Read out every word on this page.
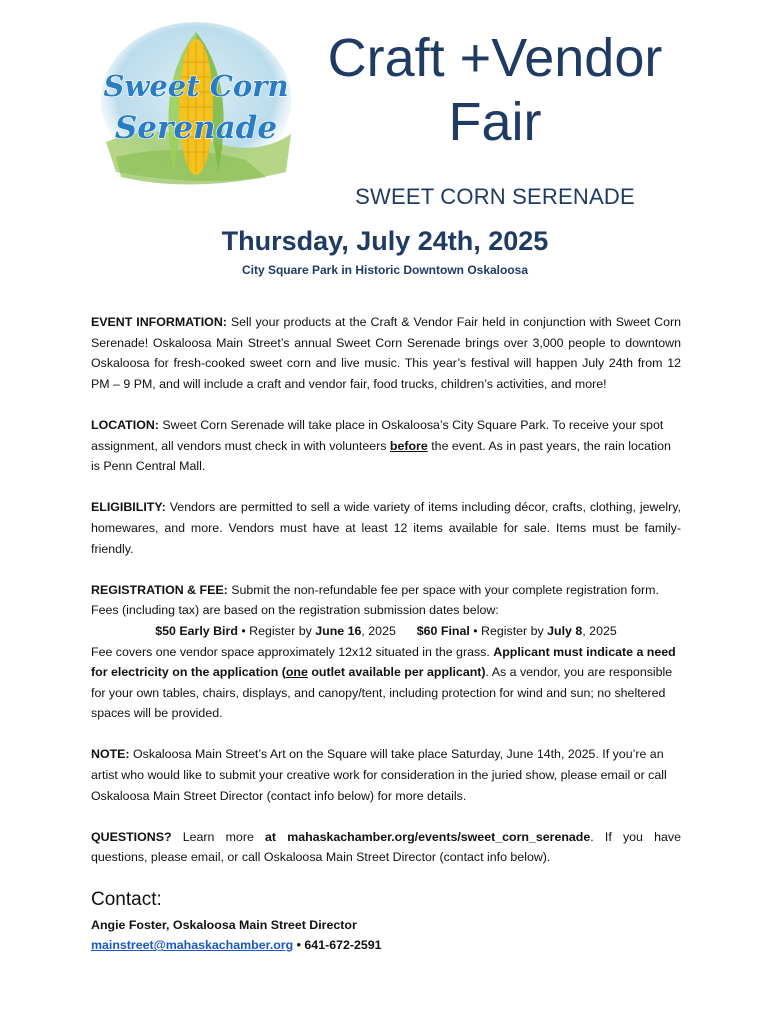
Sweet Corn
Serenade
Craft +Vendor
Fair

SWEET CORN SERENADE

Thursday, July 24th, 2025

City Square Park in Historic Downtown Oskaloosa

EVENT INFORMATION: Sell your products at the Craft & Vendor Fair held in conjunction with Sweet Corn Serenade! Oskaloosa Main Street’s annual Sweet Corn Serenade brings over 3,000 people to downtown Oskaloosa for fresh-cooked sweet corn and live music. This year’s festival will happen July 24th from 12 PM – 9 PM, and will include a craft and vendor fair, food trucks, children’s activities, and more!

LOCATION: Sweet Corn Serenade will take place in Oskaloosa’s City Square Park. To receive your spot assignment, all vendors must check in with volunteers before the event. As in past years, the rain location is Penn Central Mall.

ELIGIBILITY: Vendors are permitted to sell a wide variety of items including décor, crafts, clothing, jewelry, homewares, and more. Vendors must have at least 12 items available for sale. Items must be family-friendly.

REGISTRATION & FEE: Submit the non-refundable fee per space with your complete registration form. Fees (including tax) are based on the registration submission dates below:

$50 Early Bird • Register by June 16, 2025 $60 Final • Register by July 8, 2025

Fee covers one vendor space approximately 12x12 situated in the grass. Applicant must indicate a need for electricity on the application (one outlet available per applicant). As a vendor, you are responsible for your own tables, chairs, displays, and canopy/tent, including protection for wind and sun; no sheltered spaces will be provided.

NOTE: Oskaloosa Main Street’s Art on the Square will take place Saturday, June 14th, 2025. If you’re an artist who would like to submit your creative work for consideration in the juried show, please email or call Oskaloosa Main Street Director (contact info below) for more details.

QUESTIONS? Learn more at mahaskachamber.org/events/sweet_corn_serenade. If you have questions, please email, or call Oskaloosa Main Street Director (contact info below).

Contact:

Angie Foster, Oskaloosa Main Street Director

mainstreet@mahaskachamber.org • 641-672-2591
